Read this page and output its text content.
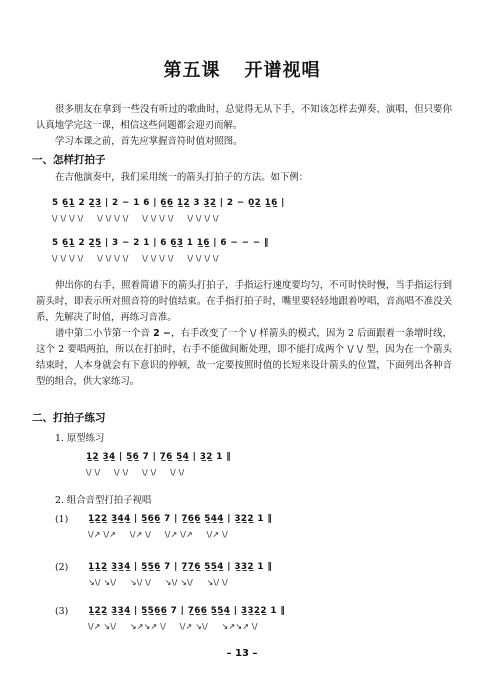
第五课 开谱视唱
很多朋友在拿到一些没有听过的歌曲时，总觉得无从下手，不知该怎样去弹奏、演唱，但只要你认真地学完这一课，相信这些问题都会迎刃而解。
学习本课之前，首先应掌握音符时值对照图。
一、怎样打拍子
在吉他演奏中，我们采用统一的箭头打拍子的方法。如下例：
5 6̲1̲ 2 2̲3̲ | 2 − 1 6 | 6̲6̲ 1̲2̲ 3 3̲2̲ | 2 − 0̲2̲ 1̲6̲ |
\/ \/ \/ \/     \/ \/ \/ \/     \/ \/ \/ \/     \/ \/ \/ \/
5 6̲1̲ 2 2̲5̲ | 3 − 2 1 | 6 6̲3̲ 1 1̲6̲ | 6 − − − ‖
\/ \/ \/ \/     \/ \/ \/ \/     \/ \/ \/ \/     \/ \/ \/ \/
伸出你的右手，照着简谱下的箭头打拍子，手指运行速度要均匀，不可时快时慢，当手指运行到箭头时，即表示所对照音符的时值结束。在手指打拍子时，嘴里要轻轻地跟着哼唱，音高唱不准没关系，先解决了时值，再练习音准。
谱中第二小节第一个音 2 −，右手改变了一个 \/ 样箭头的模式，因为 2 后面跟着一条增时线，这个 2 要唱两拍，所以在打拍时，右手不能做间断处理，即不能打成两个 \/ \/ 型，因为在一个箭头结束时，人本身就会有下意识的停顿，故一定要按照时值的长短来设计箭头的位置，下面列出各种音型的组合，供大家练习。
二、打拍子练习
1. 原型练习
1̲2̲ 3̲4̲ | 5̲6̲ 7 | 7̲6̲ 5̲4̲ | 3̲2̲ 1 ‖
\/ \/     \/ \/     \/ \/     \/ \/
2. 组合音型打拍子视唱
(1) 1̲2̲2̲ 3̲4̲4̲ | 5̲6̲6̲ 7 | 7̲6̲6̲ 5̲4̲4̲ | 3̲2̲2̲ 1 ‖
\/↗ \/↗     \/↗ \/     \/↗ \/↗     \/↗ \/
(2) 1̲1̲2̲ 3̲3̲4̲ | 5̲5̲6̲ 7 | 7̲7̲6̲ 5̲5̲4̲ | 3̲3̲2̲ 1 ‖
↘\/ ↘\/     ↘\/ \/     ↘\/ ↘\/     ↘\/ \/
(3) 1̲2̲2̲ 3̲3̲4̲ | 5̲5̲6̲6̲ 7 | 7̲6̲6̲ 5̲5̲4̲ | 3̲3̲2̲2̲ 1 ‖
\/↗ ↘\/     ↘↗↘↗ \/     \/↗ ↘\/     ↘↗↘↗ \/
– 13 –
